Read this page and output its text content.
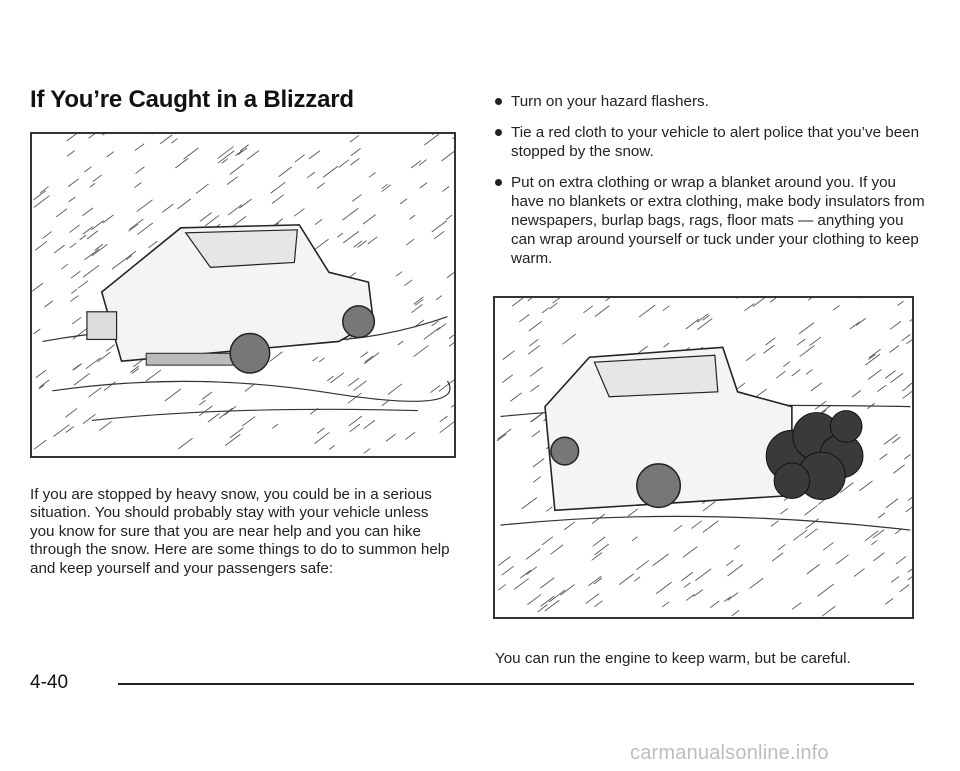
If You’re Caught in a Blizzard

If you are stopped by heavy snow, you could be in a serious situation. You should probably stay with your vehicle unless you know for sure that you are near help and you can hike through the snow. Here are some things to do to summon help and keep yourself and your passengers safe:

Turn on your hazard flashers.
Tie a red cloth to your vehicle to alert police that you’ve been stopped by the snow.
Put on extra clothing or wrap a blanket around you. If you have no blankets or extra clothing, make body insulators from newspapers, burlap bags, rags, floor mats — anything you can wrap around yourself or tuck under your clothing to keep warm.

You can run the engine to keep warm, but be careful.

4-40
carmanualsonline.info
